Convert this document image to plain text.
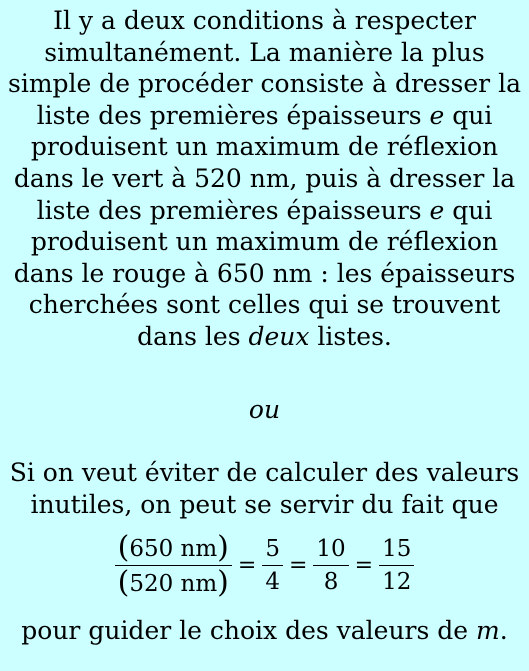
Il y a deux conditions à respecter simultanément. La manière la plus simple de procéder consiste à dresser la liste des premières épaisseurs e qui produisent un maximum de réflexion dans le vert à 520 nm, puis à dresser la liste des premières épaisseurs e qui produisent un maximum de réflexion dans le rouge à 650 nm : les épaisseurs cherchées sont celles qui se trouvent dans les deux listes.

ou

Si on veut éviter de calculer des valeurs inutiles, on peut se servir du fait que

$\frac{(650 nm)}{(520 nm)} = \frac{5}{4} = \frac{10}{8} = \frac{15}{12}$

pour guider le choix des valeurs de m.
